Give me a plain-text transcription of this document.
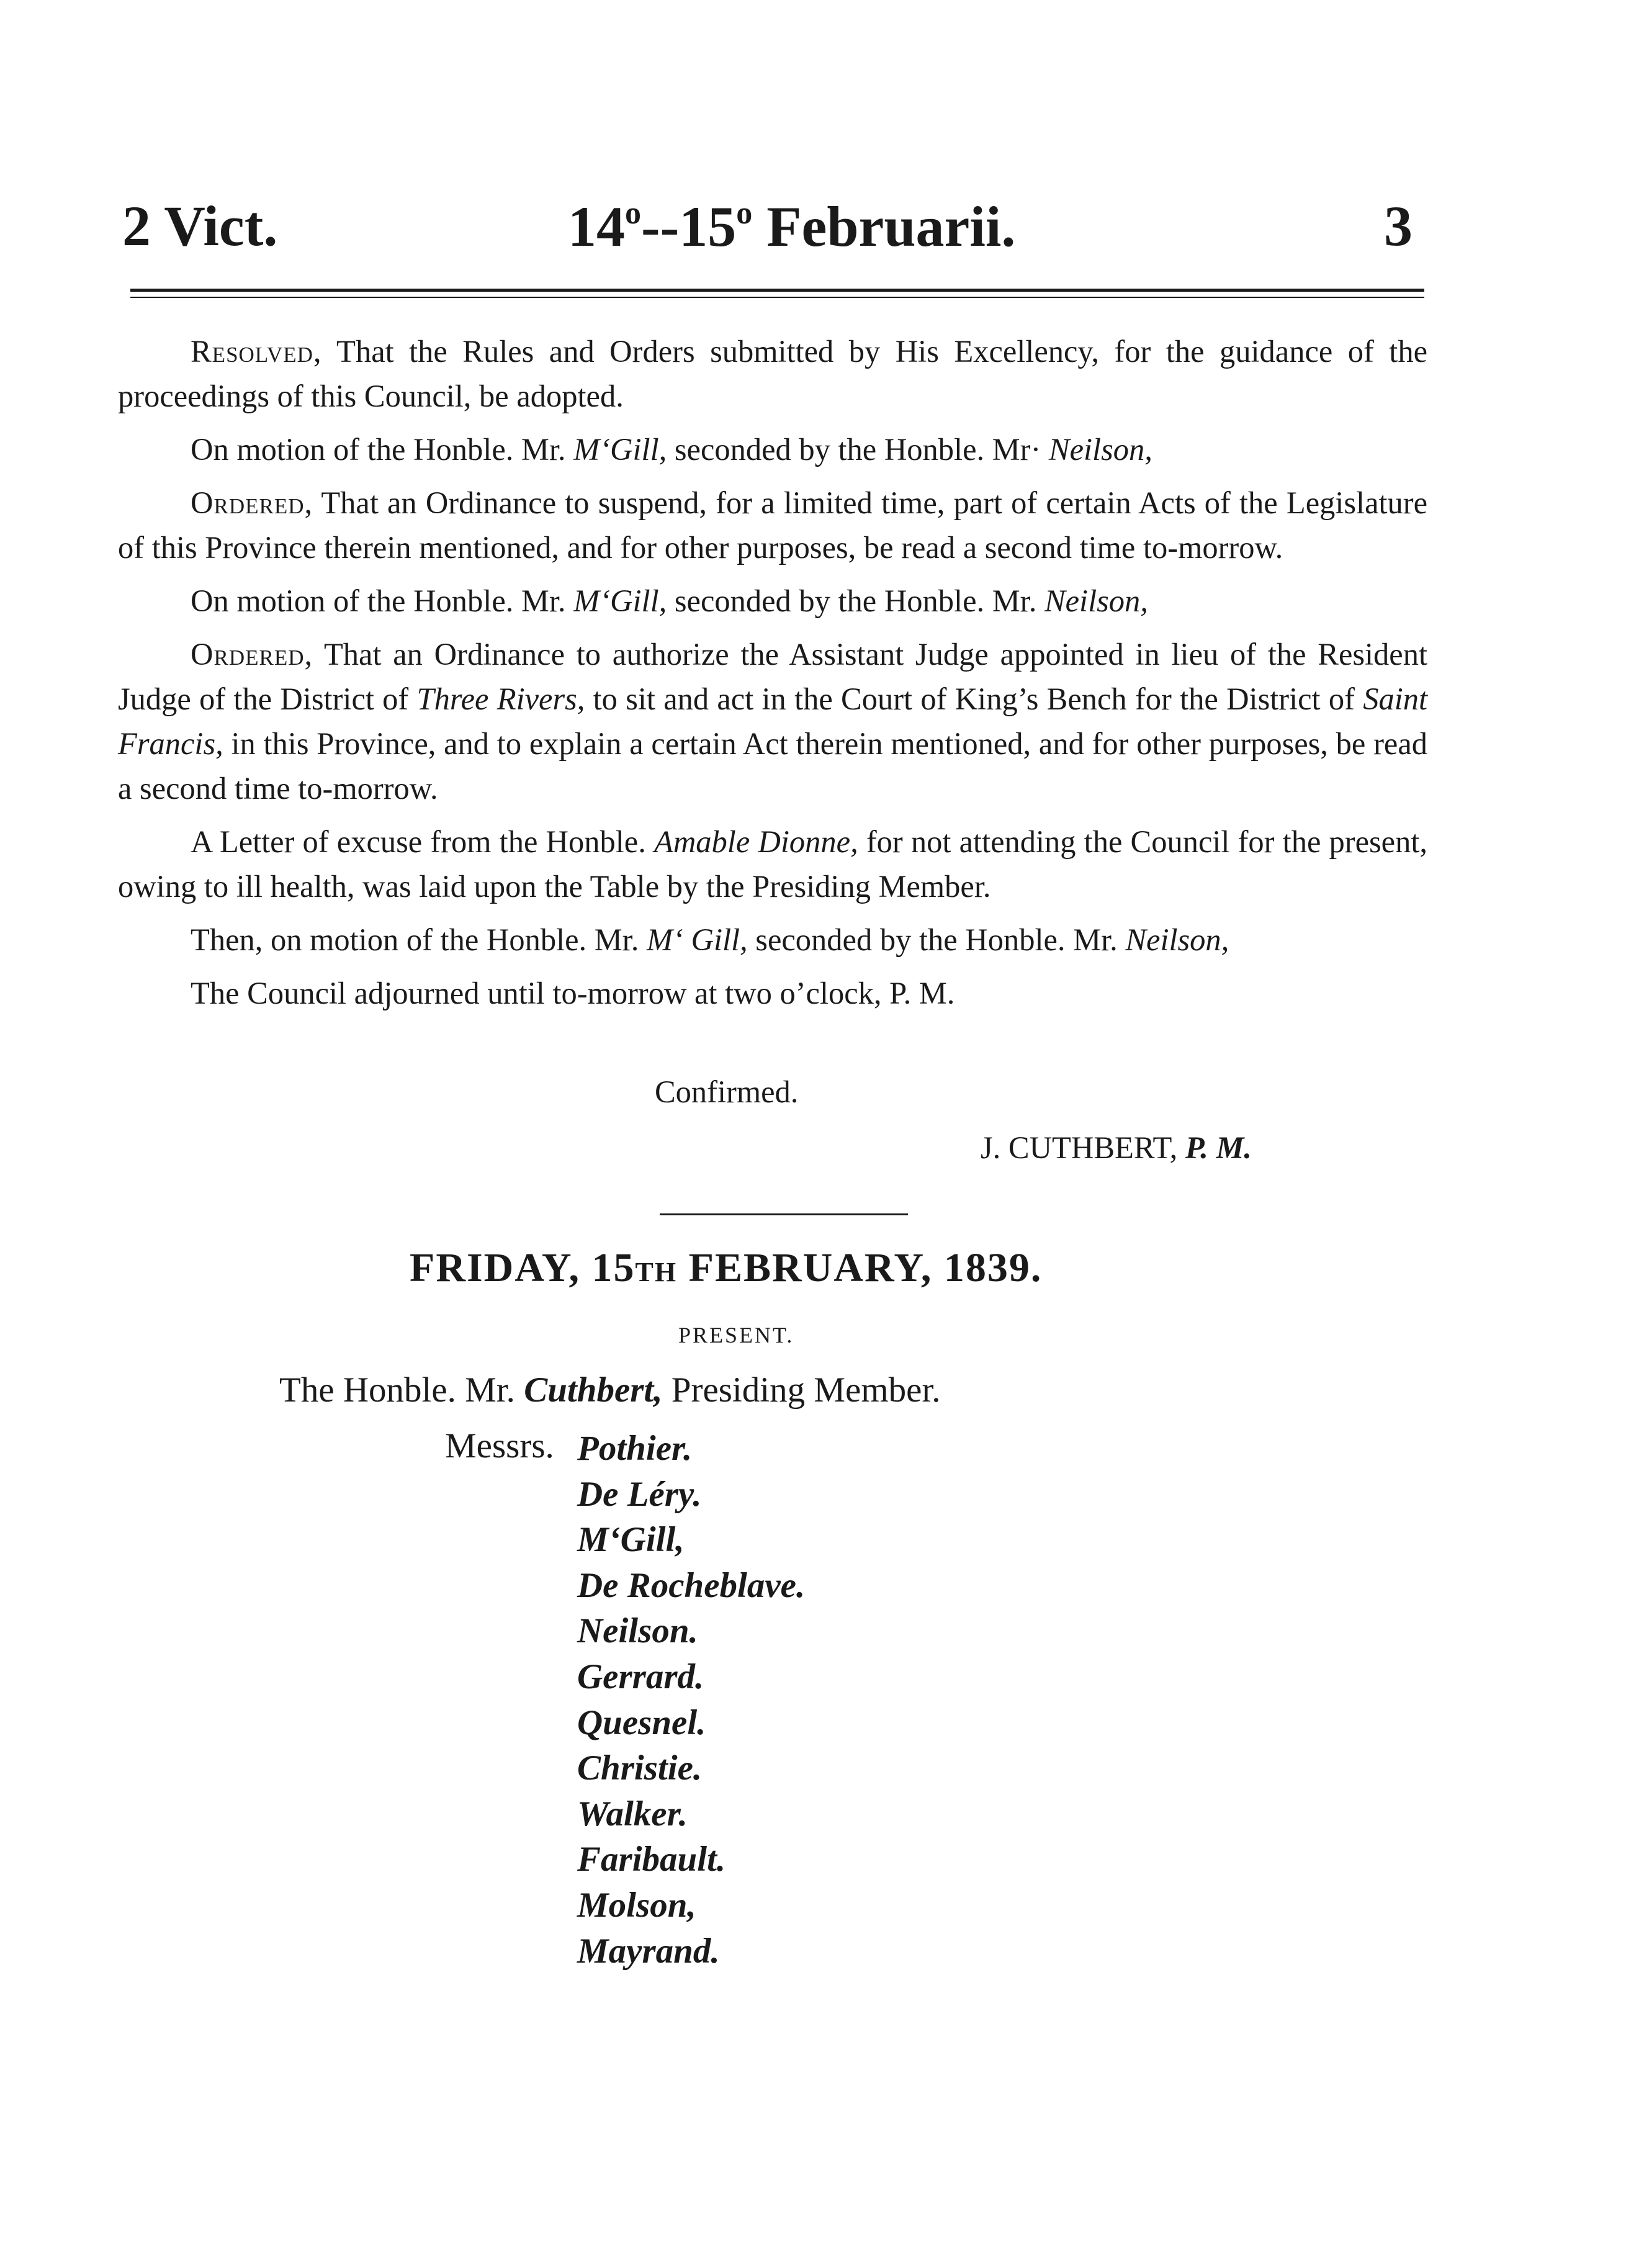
2 Vict.	14$^o$--15$^o$ Februarii.	3

Resolved, That the Rules and Orders submitted by His Excellency, for the guidance of the proceedings of this Council, be adopted.

On motion of the Honble. Mr. M‘Gill, seconded by the Honble. Mr· Neilson,

Ordered, That an Ordinance to suspend, for a limited time, part of certain Acts of the Legislature of this Province therein mentioned, and for other purposes, be read a second time to-morrow.

On motion of the Honble. Mr. M‘Gill, seconded by the Honble. Mr. Neilson,

Ordered, That an Ordinance to authorize the Assistant Judge appointed in lieu of the Resident Judge of the District of Three Rivers, to sit and act in the Court of King’s Bench for the District of Saint Francis, in this Province, and to explain a certain Act therein mentioned, and for other purposes, be read a second time to-morrow.

A Letter of excuse from the Honble. Amable Dionne, for not attending the Council for the present, owing to ill health, was laid upon the Table by the Presiding Member.

Then, on motion of the Honble. Mr. M‘ Gill, seconded by the Honble. Mr. Neilson,

The Council adjourned until to-morrow at two o’clock, P. M.

Confirmed.
J. CUTHBERT, P. M.
FRIDAY, 15TH FEBRUARY, 1839.
PRESENT.
The Honble. Mr. Cuthbert, Presiding Member.
Messrs. Pothier.
De Léry.
M‘Gill,
De Rocheblave.
Neilson.
Gerrard.
Quesnel.
Christie.
Walker.
Faribault.
Molson,
Mayrand.
